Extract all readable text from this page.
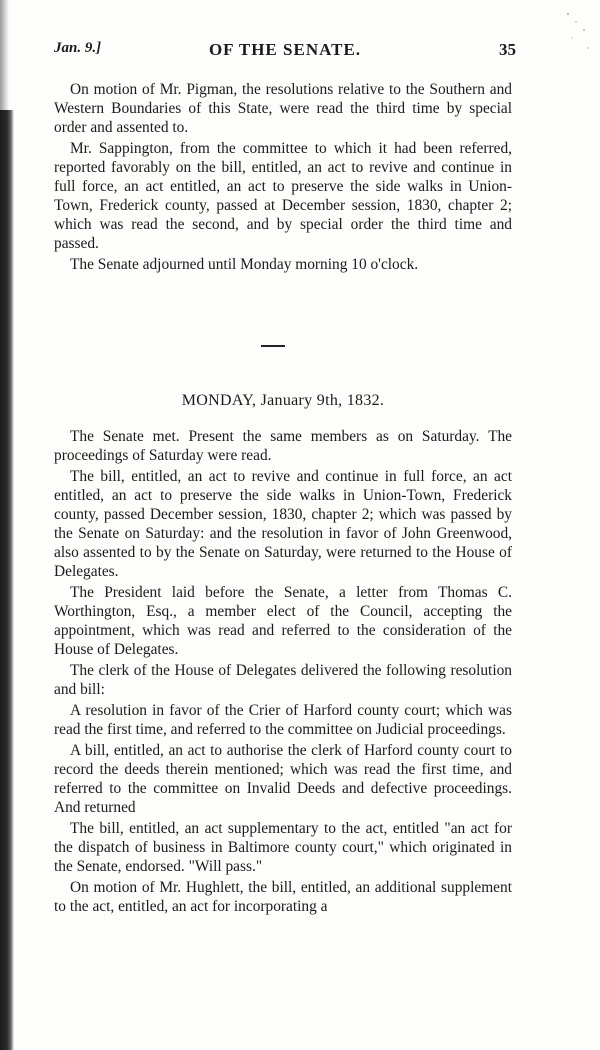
Jan. 9.]	OF THE SENATE.	35

On motion of Mr. Pigman, the resolutions relative to the Southern and Western Boundaries of this State, were read the third time by special order and assented to.

Mr. Sappington, from the committee to which it had been referred, reported favorably on the bill, entitled, an act to revive and continue in full force, an act entitled, an act to preserve the side walks in Union-Town, Frederick county, passed at December session, 1830, chapter 2; which was read the second, and by special order the third time and passed.

The Senate adjourned until Monday morning 10 o'clock.

MONDAY, January 9th, 1832.

The Senate met. Present the same members as on Saturday. The proceedings of Saturday were read.

The bill, entitled, an act to revive and continue in full force, an act entitled, an act to preserve the side walks in Union-Town, Frederick county, passed December session, 1830, chapter 2; which was passed by the Senate on Saturday: and the resolution in favor of John Greenwood, also assented to by the Senate on Saturday, were returned to the House of Delegates.

The President laid before the Senate, a letter from Thomas C. Worthington, Esq., a member elect of the Council, accepting the appointment, which was read and referred to the consideration of the House of Delegates.

The clerk of the House of Delegates delivered the following resolution and bill:

A resolution in favor of the Crier of Harford county court; which was read the first time, and referred to the committee on Judicial proceedings.

A bill, entitled, an act to authorise the clerk of Harford county court to record the deeds therein mentioned; which was read the first time, and referred to the committee on Invalid Deeds and defective proceedings. And returned

The bill, entitled, an act supplementary to the act, entitled "an act for the dispatch of business in Baltimore county court," which originated in the Senate, endorsed. "Will pass."

On motion of Mr. Hughlett, the bill, entitled, an additional supplement to the act, entitled, an act for incorporating a
